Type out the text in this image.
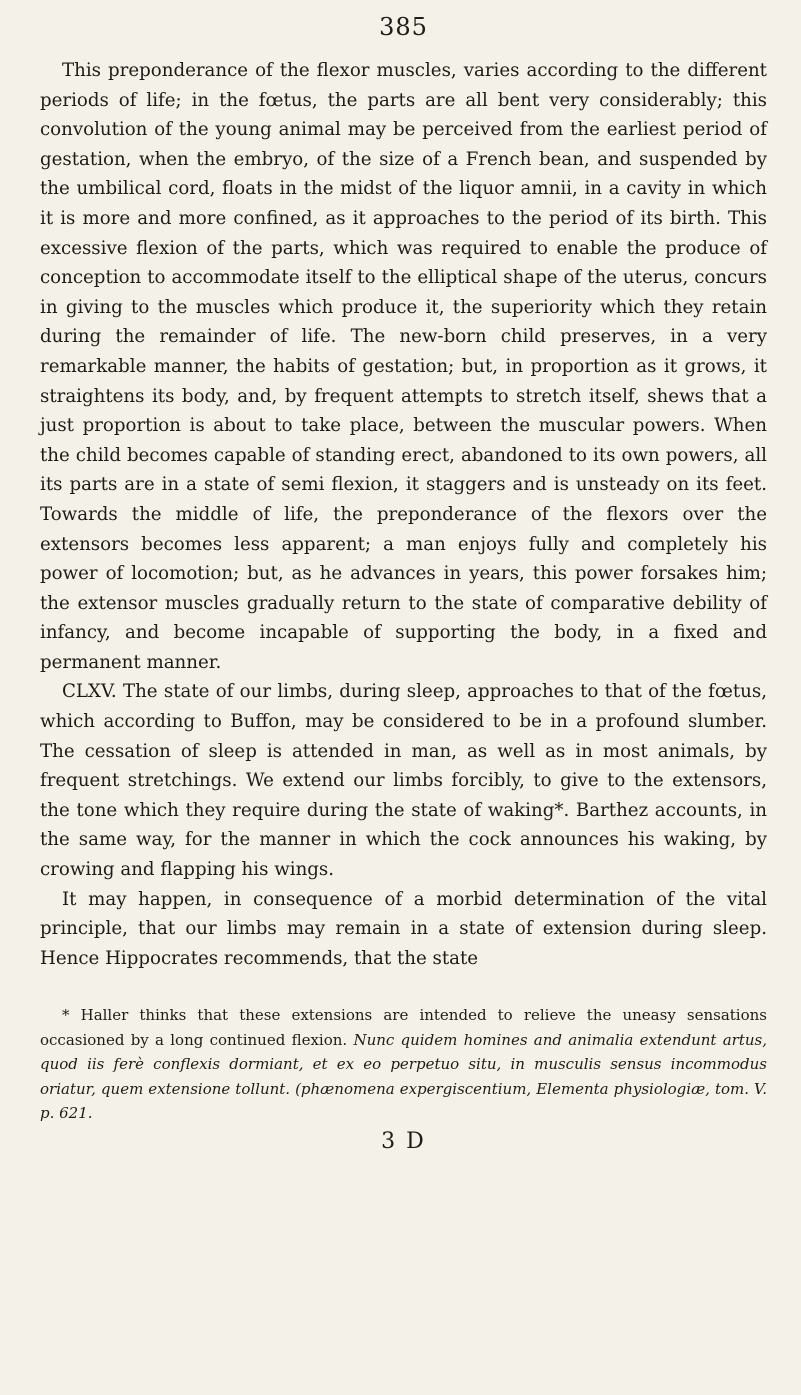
385

This preponderance of the flexor muscles, varies according to the different periods of life; in the fœtus, the parts are all bent very considerably; this convolution of the young animal may be perceived from the earliest period of gestation, when the embryo, of the size of a French bean, and suspended by the umbilical cord, floats in the midst of the liquor amnii, in a cavity in which it is more and more confined, as it approaches to the period of its birth. This excessive flexion of the parts, which was required to enable the produce of conception to accommodate itself to the elliptical shape of the uterus, concurs in giving to the muscles which produce it, the superiority which they retain during the remainder of life. The new-born child preserves, in a very remarkable manner, the habits of gestation; but, in proportion as it grows, it straightens its body, and, by frequent attempts to stretch itself, shews that a just proportion is about to take place, between the muscular powers. When the child becomes capable of standing erect, abandoned to its own powers, all its parts are in a state of semi flexion, it staggers and is unsteady on its feet. Towards the middle of life, the preponderance of the flexors over the extensors becomes less apparent; a man enjoys fully and completely his power of locomotion; but, as he advances in years, this power forsakes him; the extensor muscles gradually return to the state of comparative debility of infancy, and become incapable of supporting the body, in a fixed and permanent manner.

CLXV. The state of our limbs, during sleep, approaches to that of the fœtus, which according to Buffon, may be considered to be in a profound slumber. The cessation of sleep is attended in man, as well as in most animals, by frequent stretchings. We extend our limbs forcibly, to give to the extensors, the tone which they require during the state of waking*. Barthez accounts, in the same way, for the manner in which the cock announces his waking, by crowing and flapping his wings.

It may happen, in consequence of a morbid determination of the vital principle, that our limbs may remain in a state of extension during sleep. Hence Hippocrates recommends, that the state

* Haller thinks that these extensions are intended to relieve the uneasy sensations occasioned by a long continued flexion. Nunc quidem homines and animalia extendunt artus, quod iis ferè conflexis dormiant, et ex eo perpetuo situ, in musculis sensus incommodus oriatur, quem extensione tollunt. (phænomena expergiscentium, Elementa physiologiæ, tom. V. p. 621.
3 D
